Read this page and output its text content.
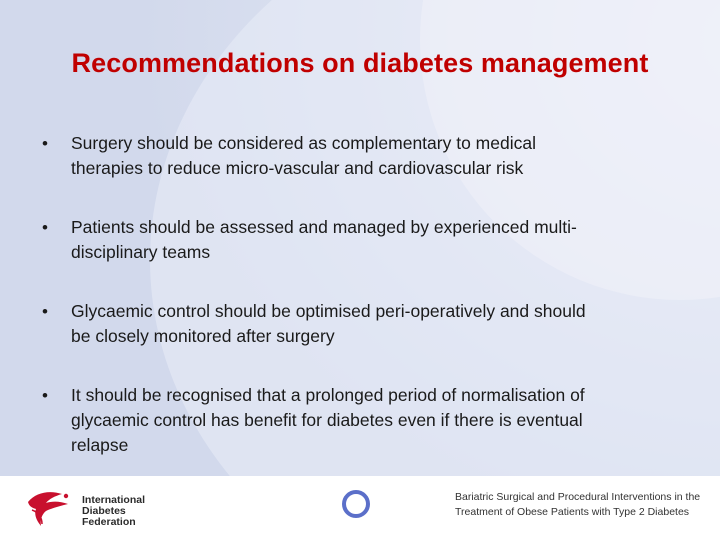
Recommendations on diabetes management
• Surgery should be considered as complementary to medical
therapies to reduce micro-vascular and cardiovascular risk
• Patients should be assessed and managed by experienced multi-
disciplinary teams
• Glycaemic control should be optimised peri-operatively and should
be closely monitored after surgery
• It should be recognised that a prolonged period of normalisation of
glycaemic control has benefit for diabetes even if there is eventual
relapse
International
Diabetes
Federation
Bariatric Surgical and Procedural Interventions in the
Treatment of Obese Patients with Type 2 Diabetes
